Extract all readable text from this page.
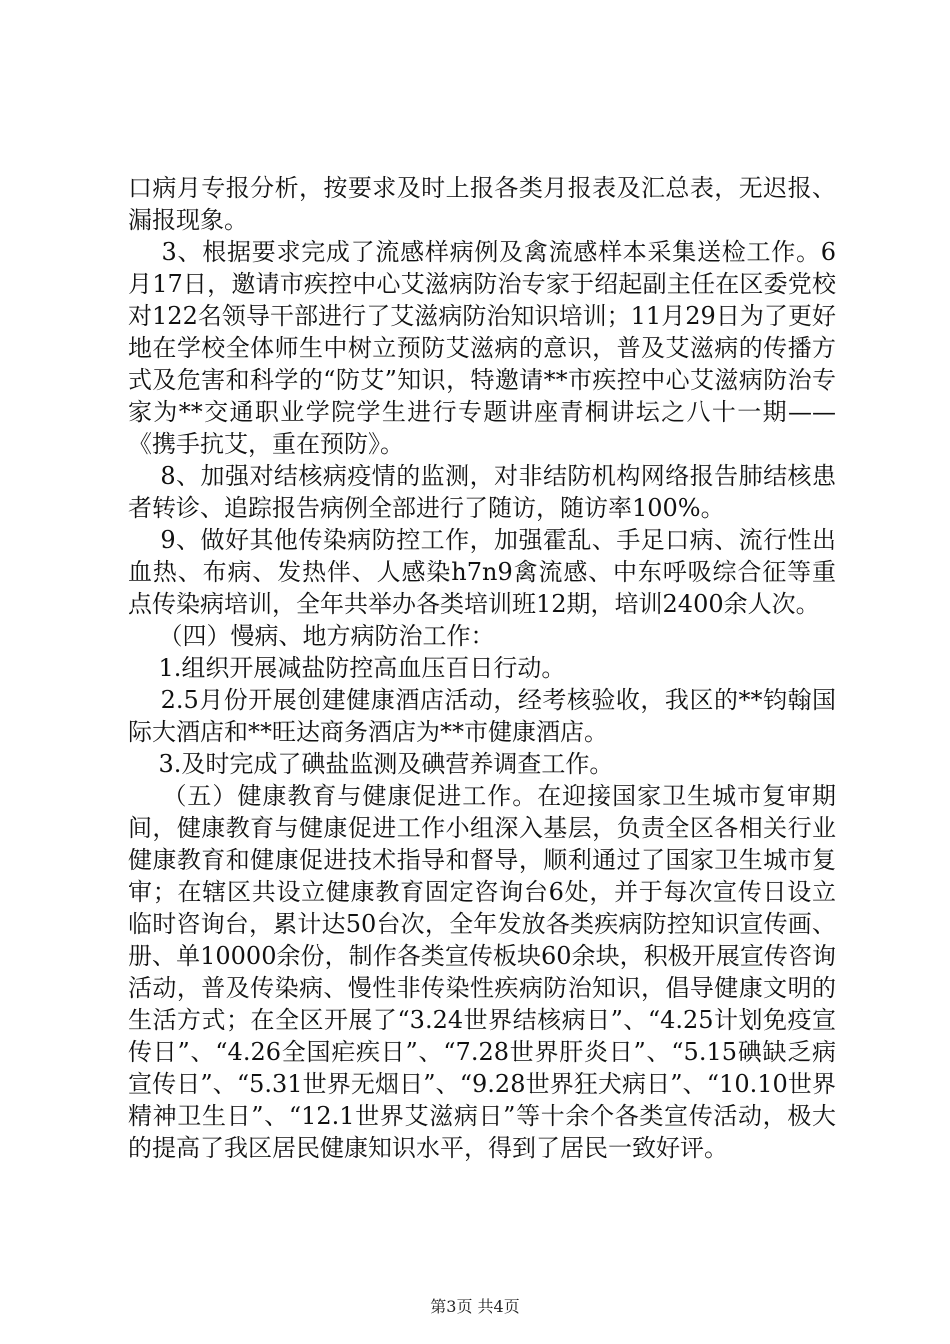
口病月专报分析，按要求及时上报各类月报表及汇总表，无迟报、漏报现象。

3、根据要求完成了流感样病例及禽流感样本采集送检工作。6月17日，邀请市疾控中心艾滋病防治专家于绍起副主任在区委党校对122名领导干部进行了艾滋病防治知识培训；11月29日为了更好地在学校全体师生中树立预防艾滋病的意识，普及艾滋病的传播方式及危害和科学的“防艾”知识，特邀请**市疾控中心艾滋病防治专家为**交通职业学院学生进行专题讲座青桐讲坛之八十一期——《携手抗艾，重在预防》。

8、加强对结核病疫情的监测，对非结防机构网络报告肺结核患者转诊、追踪报告病例全部进行了随访，随访率100%。

9、做好其他传染病防控工作，加强霍乱、手足口病、流行性出血热、布病、发热伴、人感染h7n9禽流感、中东呼吸综合征等重点传染病培训，全年共举办各类培训班12期，培训2400余人次。

（四）慢病、地方病防治工作：

1.组织开展减盐防控高血压百日行动。

2.5月份开展创建健康酒店活动，经考核验收，我区的**钧翰国际大酒店和**旺达商务酒店为**市健康酒店。

3.及时完成了碘盐监测及碘营养调查工作。

（五）健康教育与健康促进工作。在迎接国家卫生城市复审期间，健康教育与健康促进工作小组深入基层，负责全区各相关行业健康教育和健康促进技术指导和督导，顺利通过了国家卫生城市复审；在辖区共设立健康教育固定咨询台6处，并于每次宣传日设立临时咨询台，累计达50台次，全年发放各类疾病防控知识宣传画、册、单10000余份，制作各类宣传板块60余块，积极开展宣传咨询活动，普及传染病、慢性非传染性疾病防治知识，倡导健康文明的生活方式；在全区开展了“3.24世界结核病日”、“4.25计划免疫宣传日”、“4.26全国疟疾日”、“7.28世界肝炎日”、“5.15碘缺乏病宣传日”、“5.31世界无烟日”、“9.28世界狂犬病日”、“10.10世界精神卫生日”、“12.1世界艾滋病日”等十余个各类宣传活动，极大的提高了我区居民健康知识水平，得到了居民一致好评。

第3页 共4页
